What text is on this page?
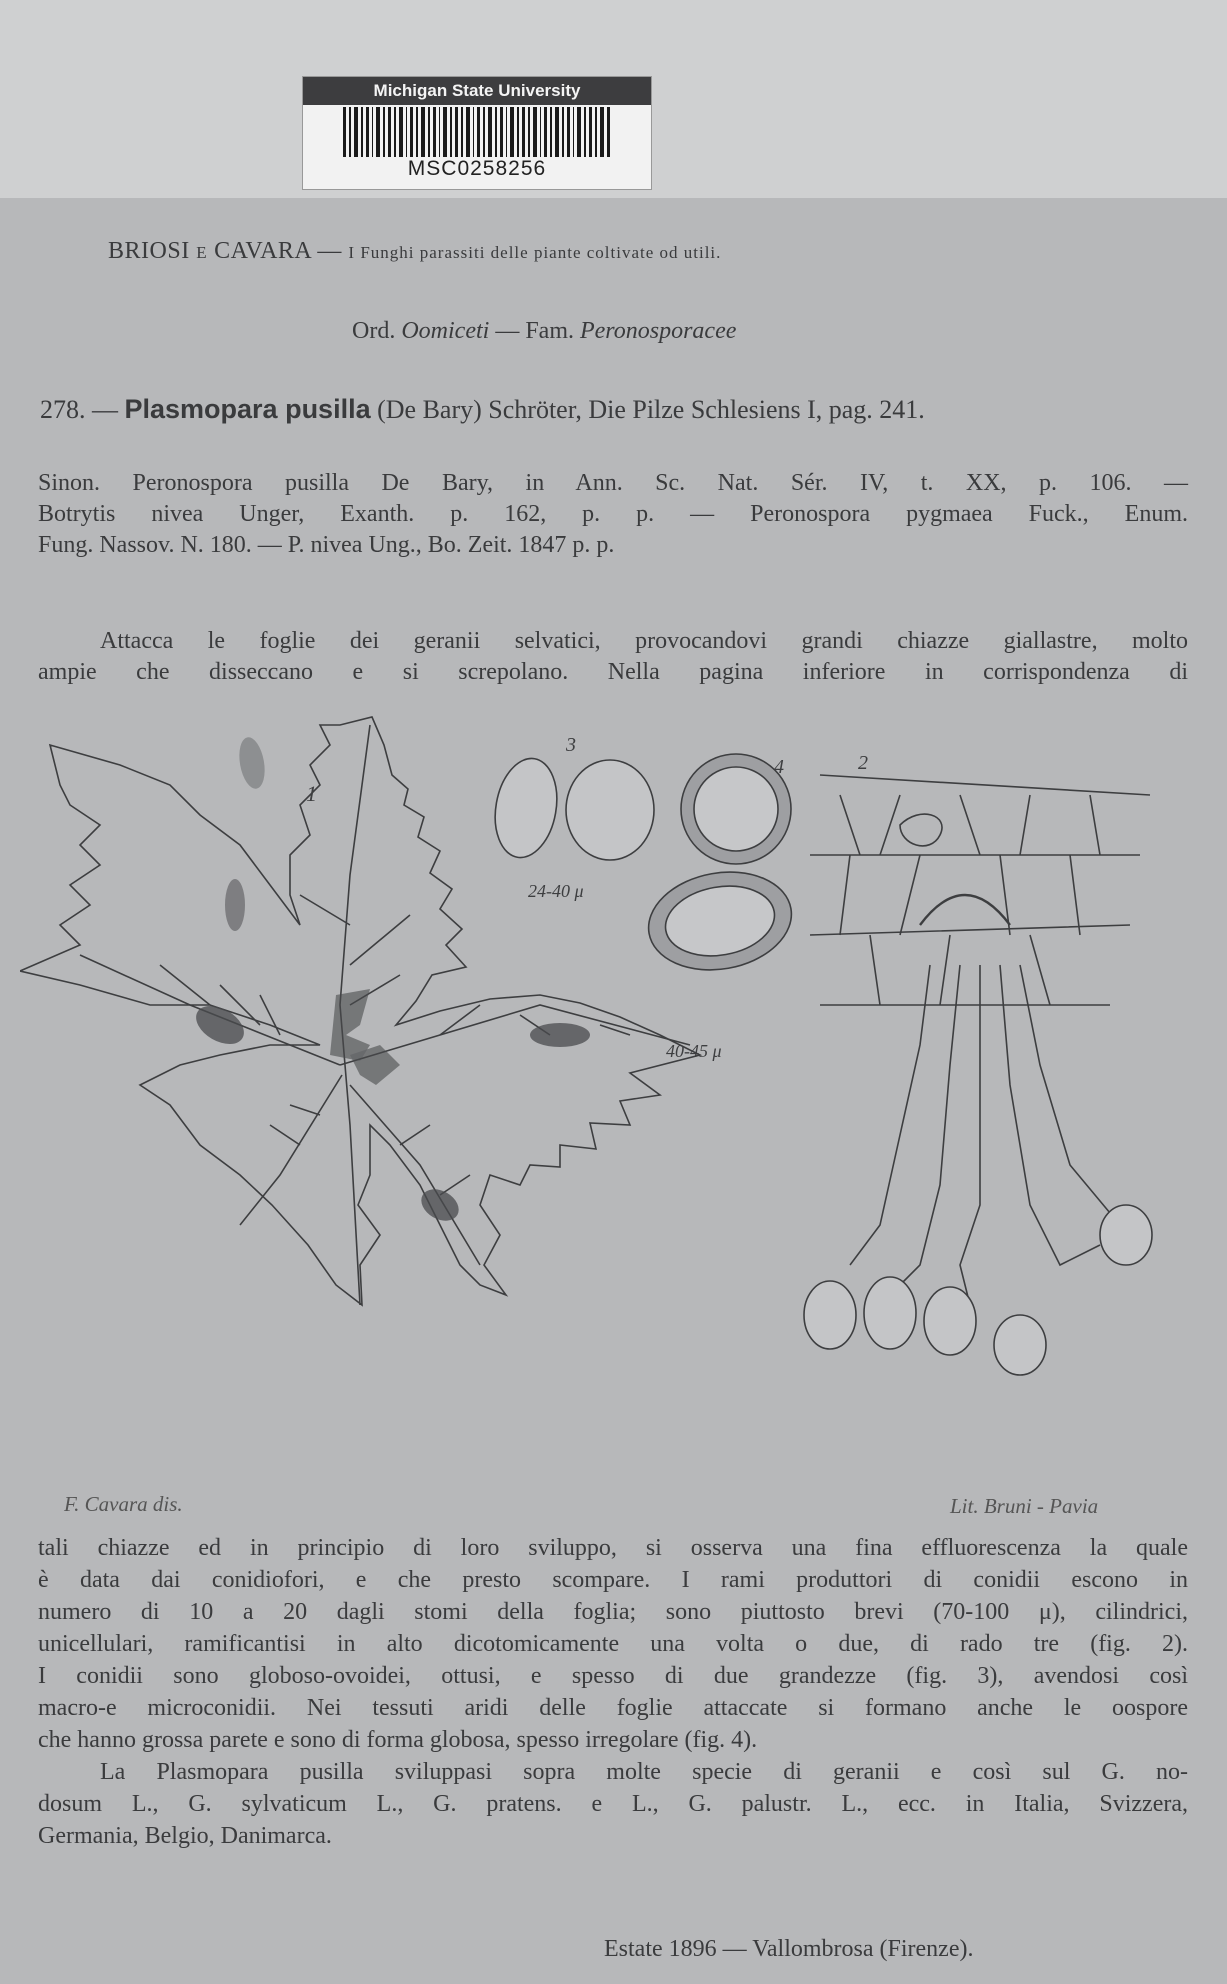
Michigan State University
MSC0258256
BRIOSI E CAVARA — I Funghi parassiti delle piante coltivate od utili.
Ord. Oomiceti — Fam. Peronosporacee
278. — Plasmopara pusilla (De Bary) Schröter, Die Pilze Schlesiens I, pag. 241.
Sinon. Peronospora pusilla De Bary, in Ann. Sc. Nat. Sér. IV, t. XX, p. 106. —
Botrytis nivea Unger, Exanth. p. 162, p. p. — Peronospora pygmaea Fuck., Enum.
Fung. Nassov. N. 180. — P. nivea Ung., Bo. Zeit. 1847 p. p.
Attacca le foglie dei geranii selvatici, provocandovi grandi chiazze giallastre, molto
ampie che disseccano e si screpolano. Nella pagina inferiore in corrispondenza di
1
2
3
4
24-40 μ
40-45 μ
F. Cavara dis.	Lit. Bruni - Pavia
tali chiazze ed in principio di loro sviluppo, si osserva una fina effluorescenza la quale
è data dai conidiofori, e che presto scompare. I rami produttori di conidii escono in
numero di 10 a 20 dagli stomi della foglia; sono piuttosto brevi (70-100 μ), cilindrici,
unicellulari, ramificantisi in alto dicotomicamente una volta o due, di rado tre (fig. 2).
I conidii sono globoso-ovoidei, ottusi, e spesso di due grandezze (fig. 3), avendosi così
macro-e microconidii. Nei tessuti aridi delle foglie attaccate si formano anche le oospore
che hanno grossa parete e sono di forma globosa, spesso irregolare (fig. 4).
La Plasmopara pusilla sviluppasi sopra molte specie di geranii e così sul G. no-
dosum L., G. sylvaticum L., G. pratens. e L., G. palustr. L., ecc. in Italia, Svizzera,
Germania, Belgio, Danimarca.
Estate 1896 — Vallombrosa (Firenze).
